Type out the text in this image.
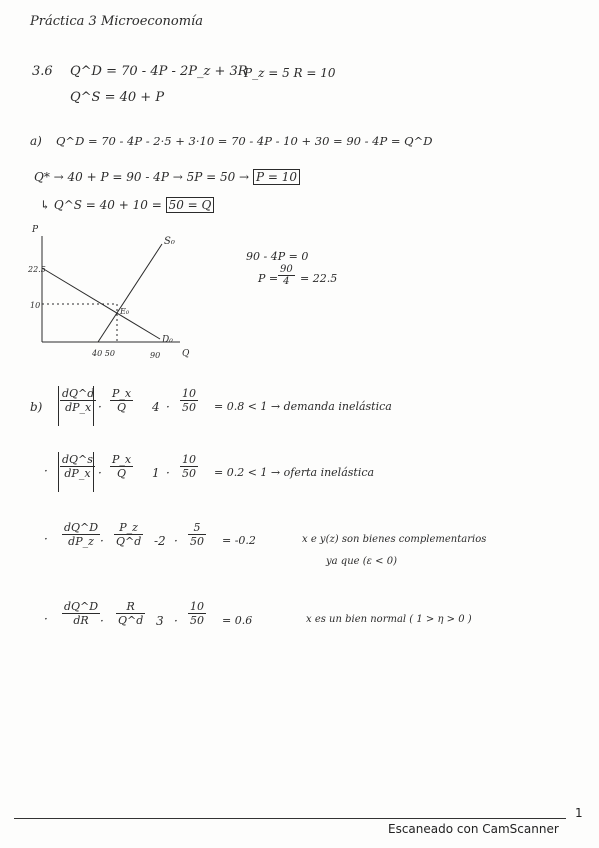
Práctica 3 Microeconomía
3.6 Q^D = 70 - 4P - 2P_z + 3R
P_z = 5 R = 10
Q^S = 40 + P
a) Q^D = 70 - 4P - 2·5 + 3·10 = 70 - 4P - 10 + 30 = 90 - 4P = Q^D
Q* → 40 + P = 90 - 4P → 5P = 50 → P = 10
↳ Q^S = 40 + 10 = 50 = Q
90 - 4P = 0
$P = \frac{90}{4} = 22.5$
P
S₀
D₀
E₀
22.5
10
40 50	90 Q
$b) \frac{dQ\^{}d}{dP\_x} \cdot \frac{P\_x}{Q} 4 \cdot \frac{10}{50} = 0.8 < 1$ → demanda inelástica
· $\frac{dQ\^{}s}{dP\_x} \cdot \frac{P\_x}{Q} 1 \cdot \frac{10}{50} = 0.2 < 1$ → oferta inelástica
· $\frac{dQ\^{}D}{dP\_z} \cdot \frac{P\_z}{Q\^{}d} -2 \cdot \frac{5}{50} = -0.2$	x e y(z) son bienes complementarios
ya que (ε < 0)
· $\frac{dQ\^{}D}{dR} \cdot \frac{R}{Q\^{}d} 3 \cdot \frac{10}{50} = 0.6$	x es un bien normal ( 1 > η > 0 )
1
Escaneado con CamScanner
